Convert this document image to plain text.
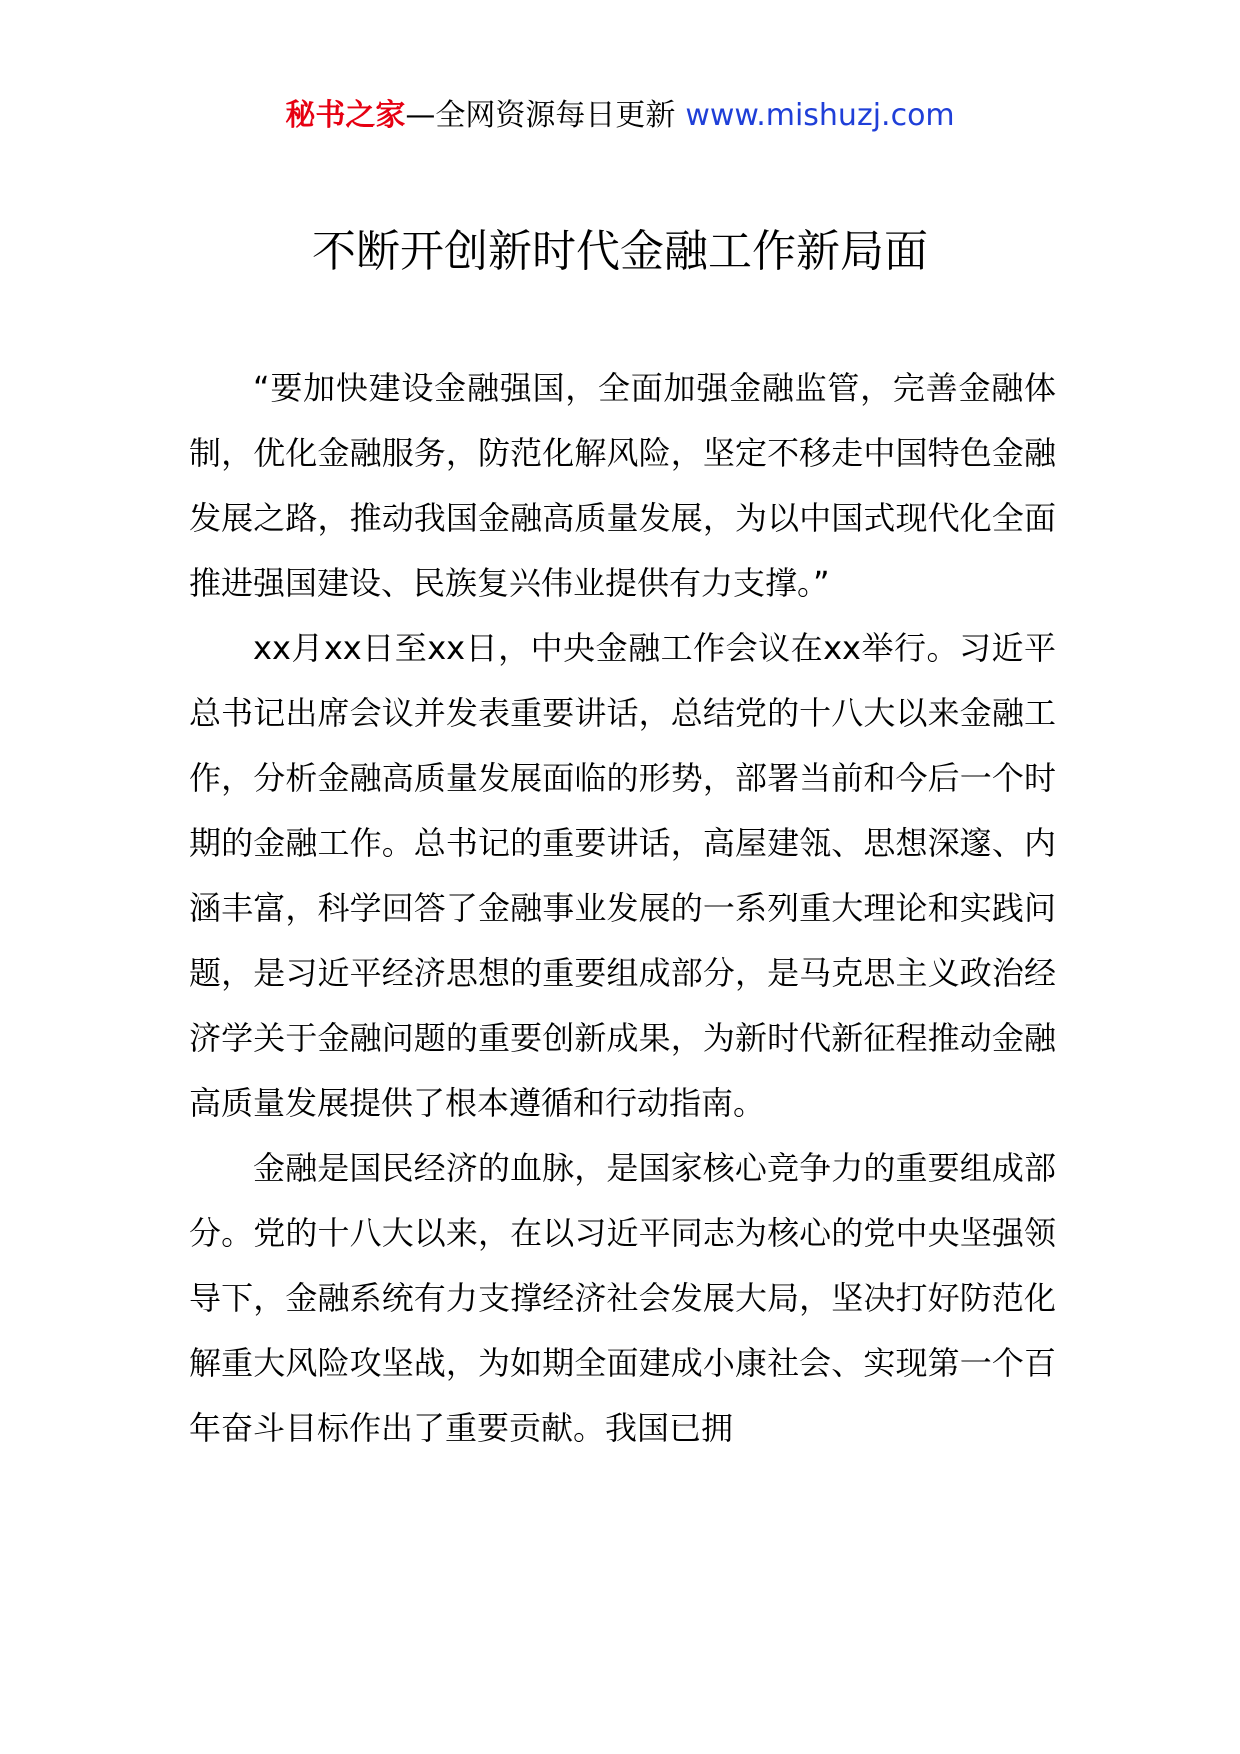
秘书之家—全网资源每日更新 www.mishuzj.com
不断开创新时代金融工作新局面

“要加快建设金融强国，全面加强金融监管，完善金融体制，优化金融服务，防范化解风险，坚定不移走中国特色金融发展之路，推动我国金融高质量发展，为以中国式现代化全面推进强国建设、民族复兴伟业提供有力支撑。”

xx月xx日至xx日，中央金融工作会议在xx举行。习近平总书记出席会议并发表重要讲话，总结党的十八大以来金融工作，分析金融高质量发展面临的形势，部署当前和今后一个时期的金融工作。总书记的重要讲话，高屋建瓴、思想深邃、内涵丰富，科学回答了金融事业发展的一系列重大理论和实践问题，是习近平经济思想的重要组成部分，是马克思主义政治经济学关于金融问题的重要创新成果，为新时代新征程推动金融高质量发展提供了根本遵循和行动指南。

金融是国民经济的血脉，是国家核心竞争力的重要组成部分。党的十八大以来，在以习近平同志为核心的党中央坚强领导下，金融系统有力支撑经济社会发展大局，坚决打好防范化解重大风险攻坚战，为如期全面建成小康社会、实现第一个百年奋斗目标作出了重要贡献。我国已拥
